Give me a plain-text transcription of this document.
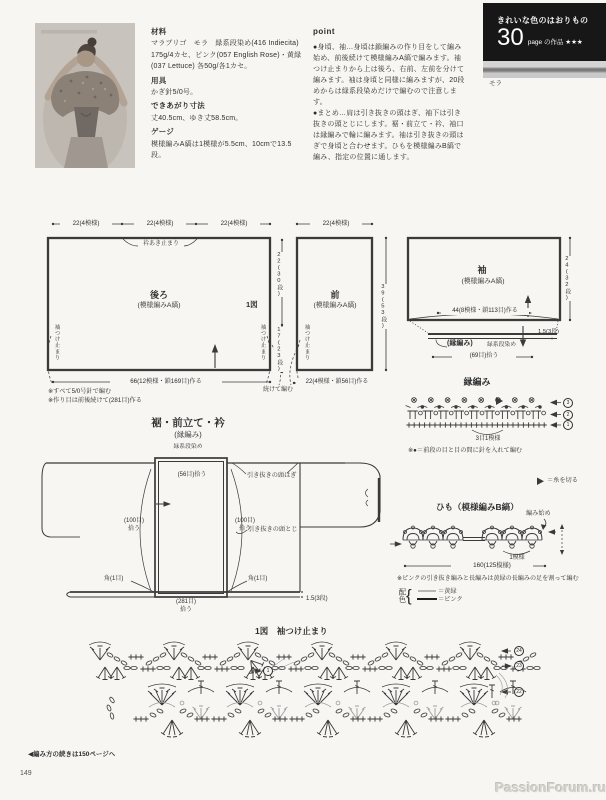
材料

マラブリゴ　モラ　緑系段染め(416 Indiecita) 175g/4カセ、ピンク(057 English Rose)・黄緑(037 Lettuce) 各50g/各1カセ。

用具

かぎ針5/0号。

できあがり寸法

丈40.5cm、ゆき丈58.5cm。

ゲージ

模様編みA縞は1模様が5.5cm、10cmで13.5段。

point

●身頃、袖…身頃は鎖編みの作り目をして編み始め、前後続けて模様編みA縞で編みます。袖つけ止まりから上は後ろ、右前、左前を分けて編みます。袖は身頃と同様に編みますが、20段めからは緑系段染めだけで編むので注意します。

●まとめ…肩は引き抜きの頭はぎ、袖下は引き抜きの頭とじにします。裾・前立て・衿、袖口は縁編みで輪に編みます。袖は引き抜きの頭はぎで身頃と合わせます。ひもを模様編みB縞で編み、指定の位置に通します。

きれいな色のはおりもの
30 page の作品 ★★★
モラ
22(4模様)	22(4模様)	22(4模様)
衿あき止まり
後ろ
(模様編みA縞)	1図
袖つけ止まり	袖つけ止まり
66(12模様・鎖169目)作る
※すべて5/0号針で編む
※作り目は前後続けて(281目)作る
22(30段)
17(23段)
続けて編む
22(4模様)
前
(模様編みA縞)
袖つけ止まり
39(53段)
22(4模様・鎖56目)作る
袖
(模様編みA縞)	24(32段)
44(8模様・鎖113目)作る
(縁編み) 緑系段染め
1.5(3段)
(69目)拾う
縁編み
3
2
1
3目1模様
※●＝前段の目と目の間に針を入れて編む
＝糸を切る
裾・前立て・衿
(縁編み)
緑系段染め
(56目)拾う
(100目)
拾う
(100目)
拾う
引き抜きの頭はぎ
引き抜きの頭とじ
角(1目)	角(1目)
(281目)
拾う
1.5(3段)
ひも（模様編みB縞）
編み始め
1模様
160(125模様)
※ピンクの引き抜き編みと長編みは黄緑の長編みの足を割って編む
配色 {	＝黄緑
＝ピンク
1図　袖つけ止まり
24
23
22
1
◀編み方の続きは150ページへ
149
PassionForum.ru
